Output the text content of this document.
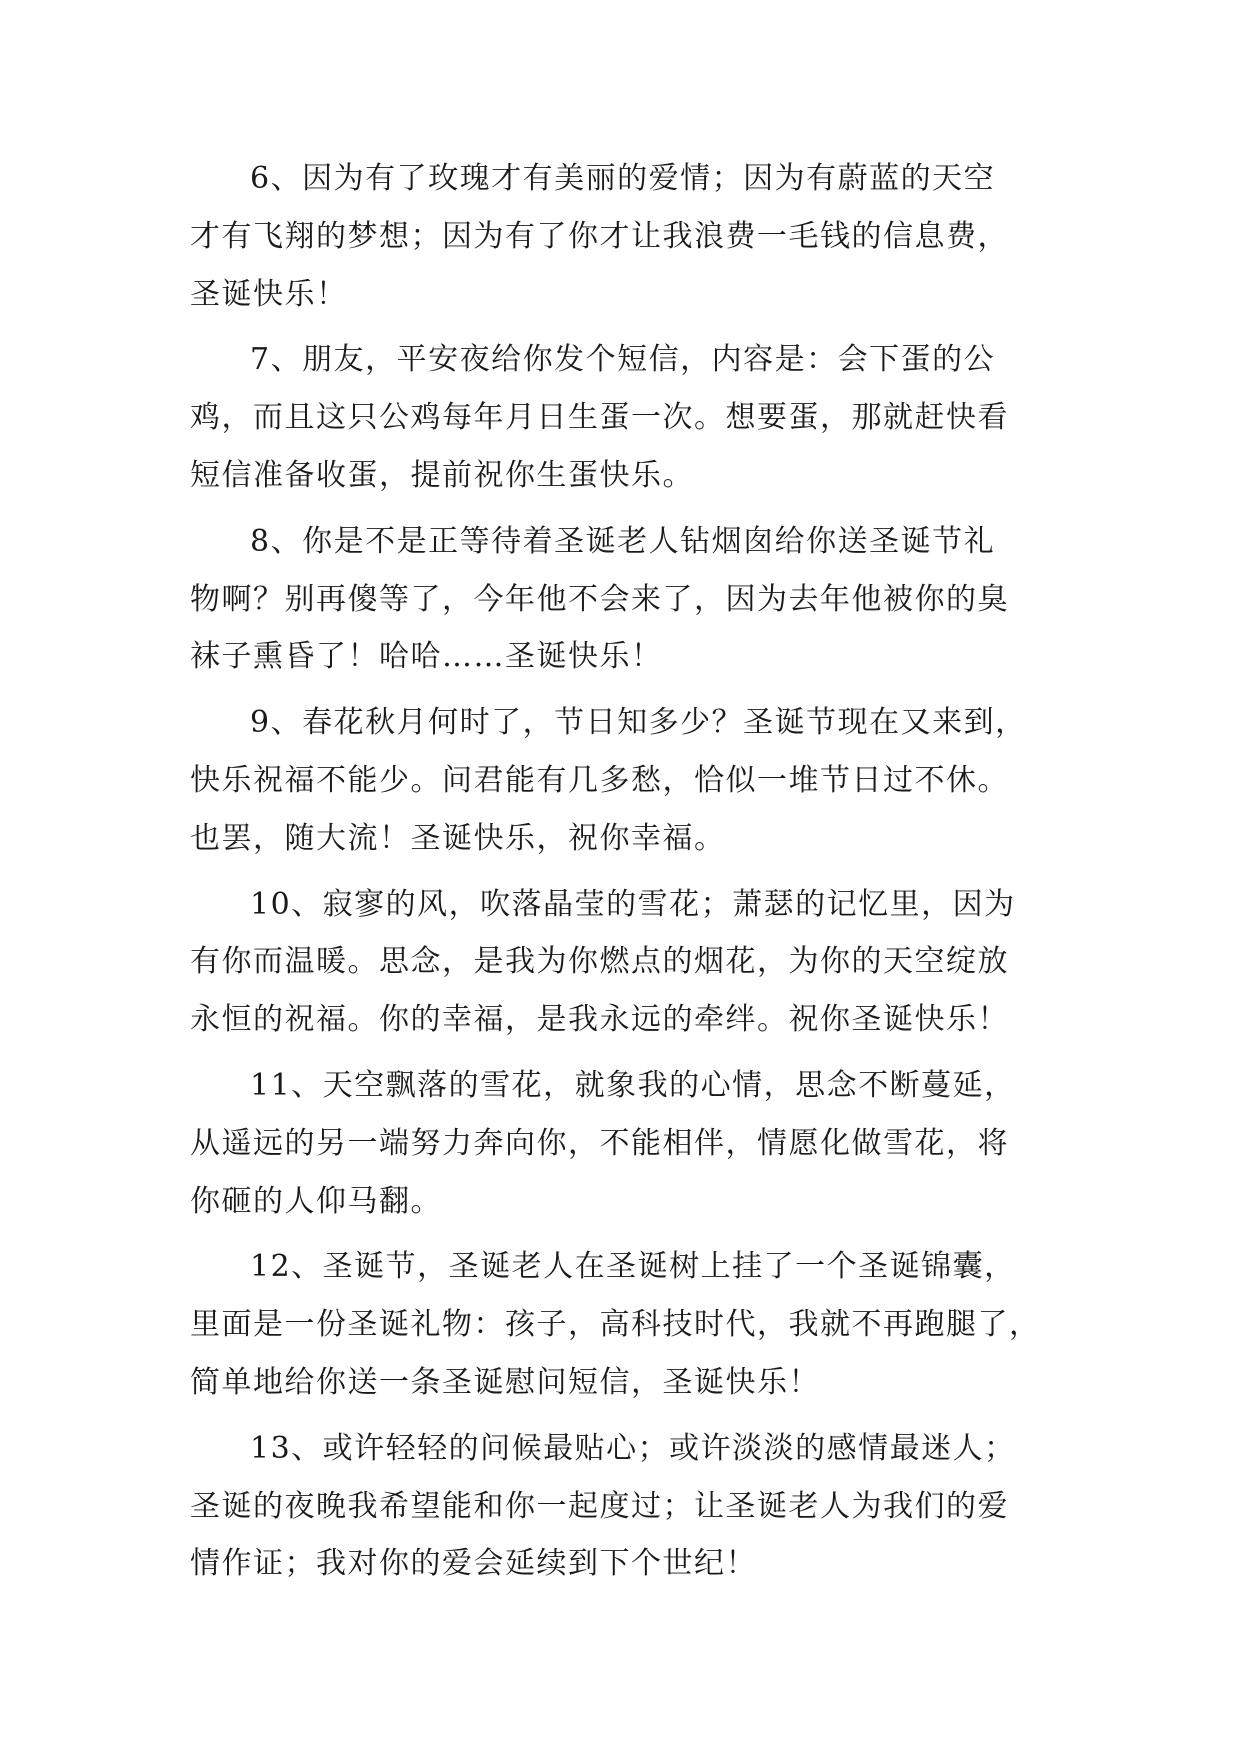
6、因为有了玫瑰才有美丽的爱情；因为有蔚蓝的天空
才有飞翔的梦想；因为有了你才让我浪费一毛钱的信息费，
圣诞快乐！
7、朋友，平安夜给你发个短信，内容是：会下蛋的公
鸡，而且这只公鸡每年月日生蛋一次。想要蛋，那就赶快看
短信准备收蛋，提前祝你生蛋快乐。
8、你是不是正等待着圣诞老人钻烟囱给你送圣诞节礼
物啊？别再傻等了，今年他不会来了，因为去年他被你的臭
袜子熏昏了！哈哈……圣诞快乐！
9、春花秋月何时了，节日知多少？圣诞节现在又来到，
快乐祝福不能少。问君能有几多愁，恰似一堆节日过不休。
也罢，随大流！圣诞快乐，祝你幸福。
10、寂寥的风，吹落晶莹的雪花；萧瑟的记忆里，因为
有你而温暖。思念，是我为你燃点的烟花，为你的天空绽放
永恒的祝福。你的幸福，是我永远的牵绊。祝你圣诞快乐！
11、天空飘落的雪花，就象我的心情，思念不断蔓延，
从遥远的另一端努力奔向你，不能相伴，情愿化做雪花，将
你砸的人仰马翻。
12、圣诞节，圣诞老人在圣诞树上挂了一个圣诞锦囊，
里面是一份圣诞礼物：孩子，高科技时代，我就不再跑腿了，
简单地给你送一条圣诞慰问短信，圣诞快乐！
13、或许轻轻的问候最贴心；或许淡淡的感情最迷人；
圣诞的夜晚我希望能和你一起度过；让圣诞老人为我们的爱
情作证；我对你的爱会延续到下个世纪！
